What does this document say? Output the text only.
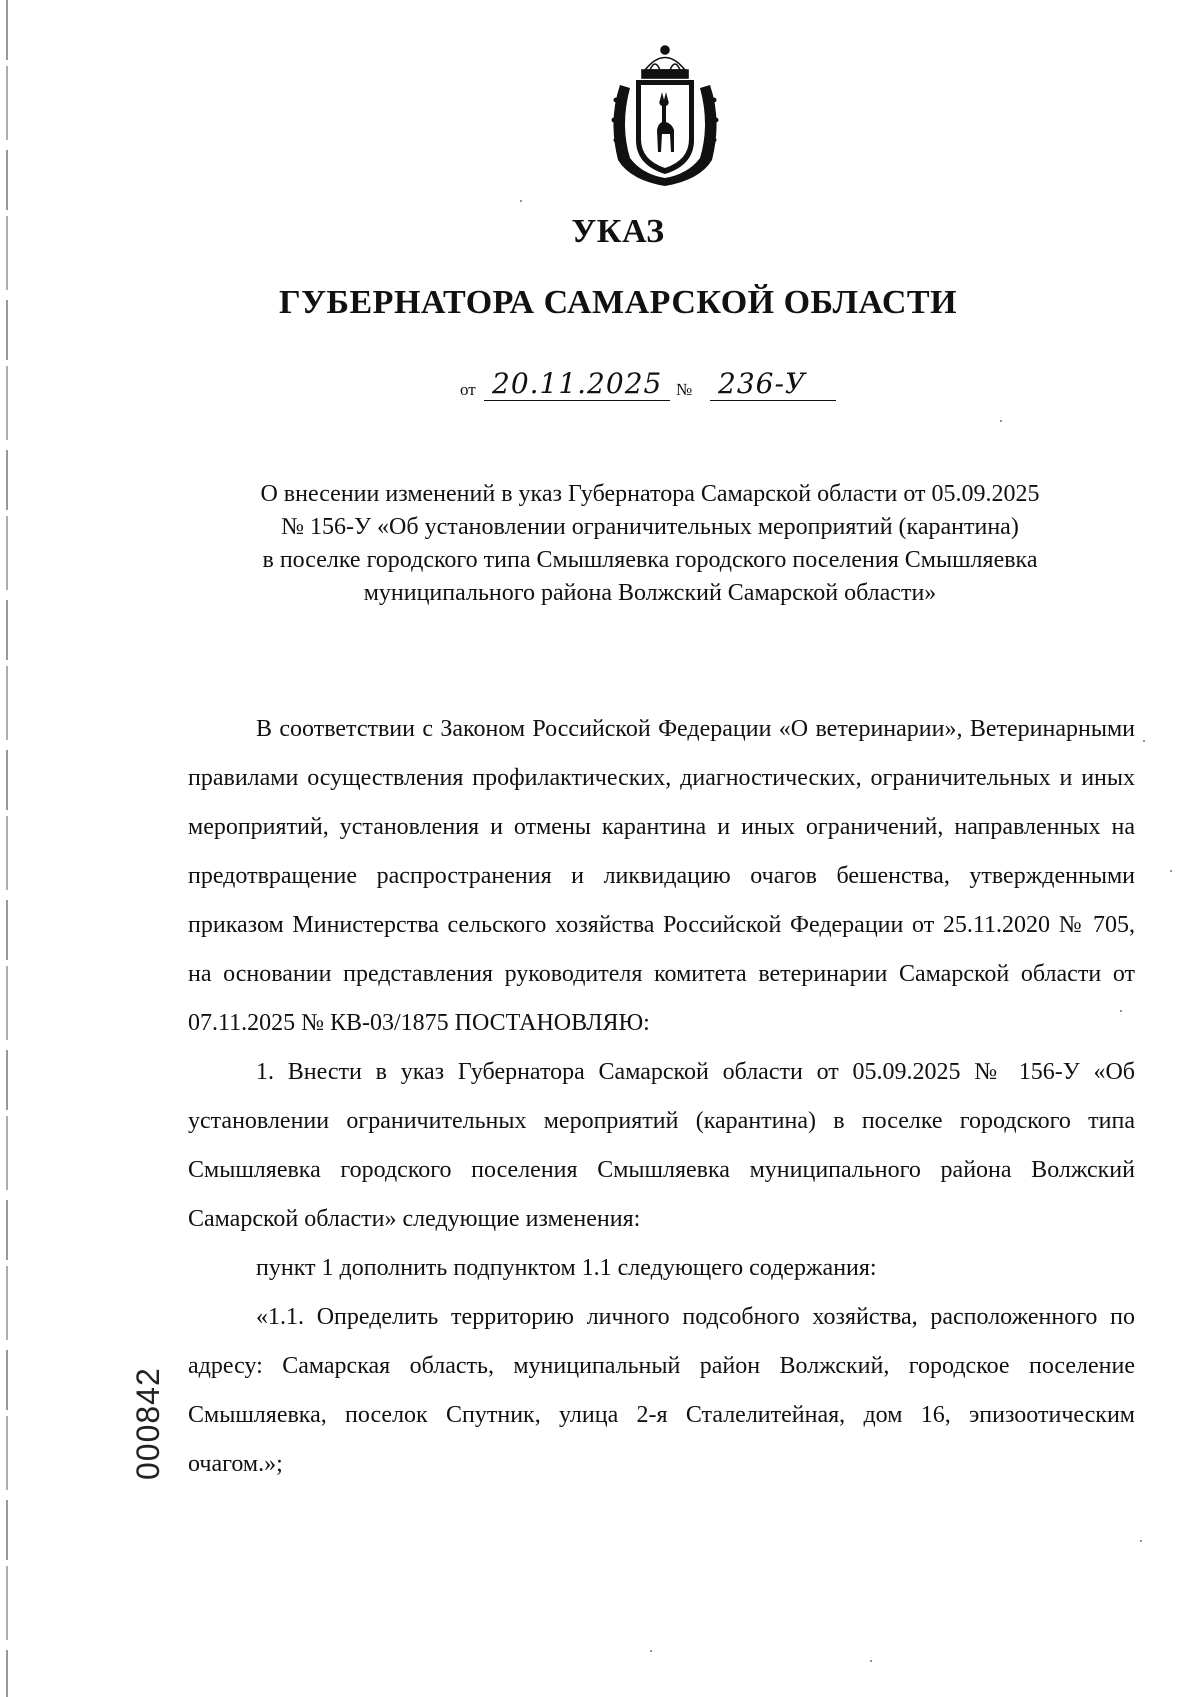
УКАЗ
ГУБЕРНАТОРА САМАРСКОЙ ОБЛАСТИ
от 20.11.2025 № 236-У
О внесении изменений в указ Губернатора Самарской области от 05.09.2025
№ 156-У «Об установлении ограничительных мероприятий (карантина)
в поселке городского типа Смышляевка городского поселения Смышляевка
муниципального района Волжский Самарской области»

В соответствии с Законом Российской Федерации «О ветеринарии», Ветеринарными правилами осуществления профилактических, диагностических, ограничительных и иных мероприятий, установления и отмены карантина и иных ограничений, направленных на предотвращение распространения и ликвидацию очагов бешенства, утвержденными приказом Министерства сельского хозяйства Российской Федерации от 25.11.2020 № 705, на основании представления руководителя комитета ветеринарии Самарской области от 07.11.2025 № КВ-03/1875 ПОСТАНОВЛЯЮ:

1. Внести в указ Губернатора Самарской области от 05.09.2025 № 156-У «Об установлении ограничительных мероприятий (карантина) в поселке городского типа Смышляевка городского поселения Смышляевка муниципального района Волжский Самарской области» следующие изменения:

пункт 1 дополнить подпунктом 1.1 следующего содержания:

«1.1. Определить территорию личного подсобного хозяйства, расположенного по адресу: Самарская область, муниципальный район Волжский, городское поселение Смышляевка, поселок Спутник, улица 2-я Сталелитейная, дом 16, эпизоотическим очагом.»;

000842
